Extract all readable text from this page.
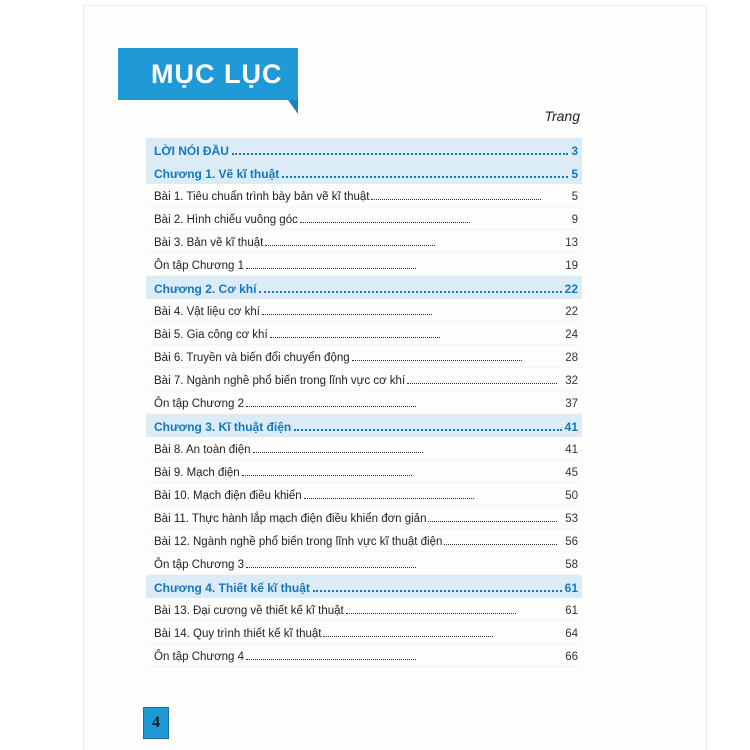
MỤC LỤC
Trang
LỜI NÓI ĐẦU	3
Chương 1. Vẽ kĩ thuật	5
Bài 1. Tiêu chuẩn trình bày bản vẽ kĩ thuật	5
Bài 2. Hình chiếu vuông góc	9
Bài 3. Bản vẽ kĩ thuật	13
Ôn tập Chương 1	19
Chương 2. Cơ khí	22
Bài 4. Vật liệu cơ khí	22
Bài 5. Gia công cơ khí	24
Bài 6. Truyền và biến đổi chuyển động	28
Bài 7. Ngành nghề phổ biến trong lĩnh vực cơ khí	32
Ôn tập Chương 2	37
Chương 3. Kĩ thuật điện	41
Bài 8. An toàn điện	41
Bài 9. Mạch điện	45
Bài 10. Mạch điện điều khiển	50
Bài 11. Thực hành lắp mạch điện điều khiển đơn giản	53
Bài 12. Ngành nghề phổ biến trong lĩnh vực kĩ thuật điện	56
Ôn tập Chương 3	58
Chương 4. Thiết kế kĩ thuật	61
Bài 13. Đại cương về thiết kế kĩ thuật	61
Bài 14. Quy trình thiết kế kĩ thuật	64
Ôn tập Chương 4	66
4
